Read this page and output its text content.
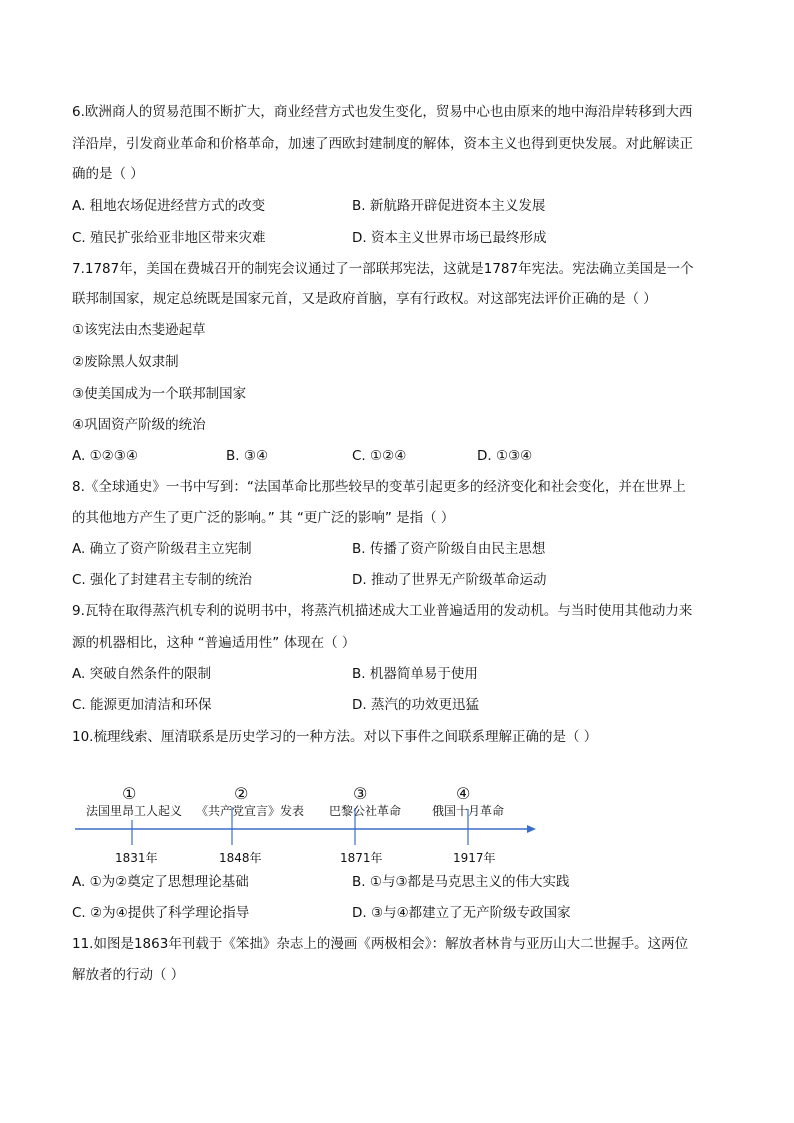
6.欧洲商人的贸易范围不断扩大，商业经营方式也发生变化，贸易中心也由原来的地中海沿岸转移到大西
洋沿岸，引发商业革命和价格革命，加速了西欧封建制度的解体，资本主义也得到更快发展。对此解读正
确的是（ ）
A. 租地农场促进经营方式的改变	B. 新航路开辟促进资本主义发展
C. 殖民扩张给亚非地区带来灾难	D. 资本主义世界市场已最终形成
7.1787年，美国在费城召开的制宪会议通过了一部联邦宪法，这就是1787年宪法。宪法确立美国是一个
联邦制国家，规定总统既是国家元首，又是政府首脑，享有行政权。对这部宪法评价正确的是（ ）
①该宪法由杰斐逊起草
②废除黑人奴隶制
③使美国成为一个联邦制国家
④巩固资产阶级的统治
A. ①②③④	B. ③④	C. ①②④	D. ①③④
8.《全球通史》一书中写到：“法国革命比那些较早的变革引起更多的经济变化和社会变化，并在世界上
的其他地方产生了更广泛的影响。” 其 “更广泛的影响” 是指（ ）
A. 确立了资产阶级君主立宪制	B. 传播了资产阶级自由民主思想
C. 强化了封建君主专制的统治	D. 推动了世界无产阶级革命运动
9.瓦特在取得蒸汽机专利的说明书中，将蒸汽机描述成大工业普遍适用的发动机。与当时使用其他动力来
源的机器相比，这种 “普遍适用性” 体现在（ ）
A. 突破自然条件的限制	B. 机器简单易于使用
C. 能源更加清洁和环保	D. 蒸汽的功效更迅猛
10.梳理线索、厘清联系是历史学习的一种方法。对以下事件之间联系理解正确的是（ ）
①
法国里昂工人起义
1831年
②
《共产党宣言》发表
1848年
③
巴黎公社革命
1871年
④
俄国十月革命
1917年
A. ①为②奠定了思想理论基础	B. ①与③都是马克思主义的伟大实践
C. ②为④提供了科学理论指导	D. ③与④都建立了无产阶级专政国家
11.如图是1863年刊载于《笨拙》杂志上的漫画《两极相会》：解放者林肯与亚历山大二世握手。这两位
解放者的行动（ ）
